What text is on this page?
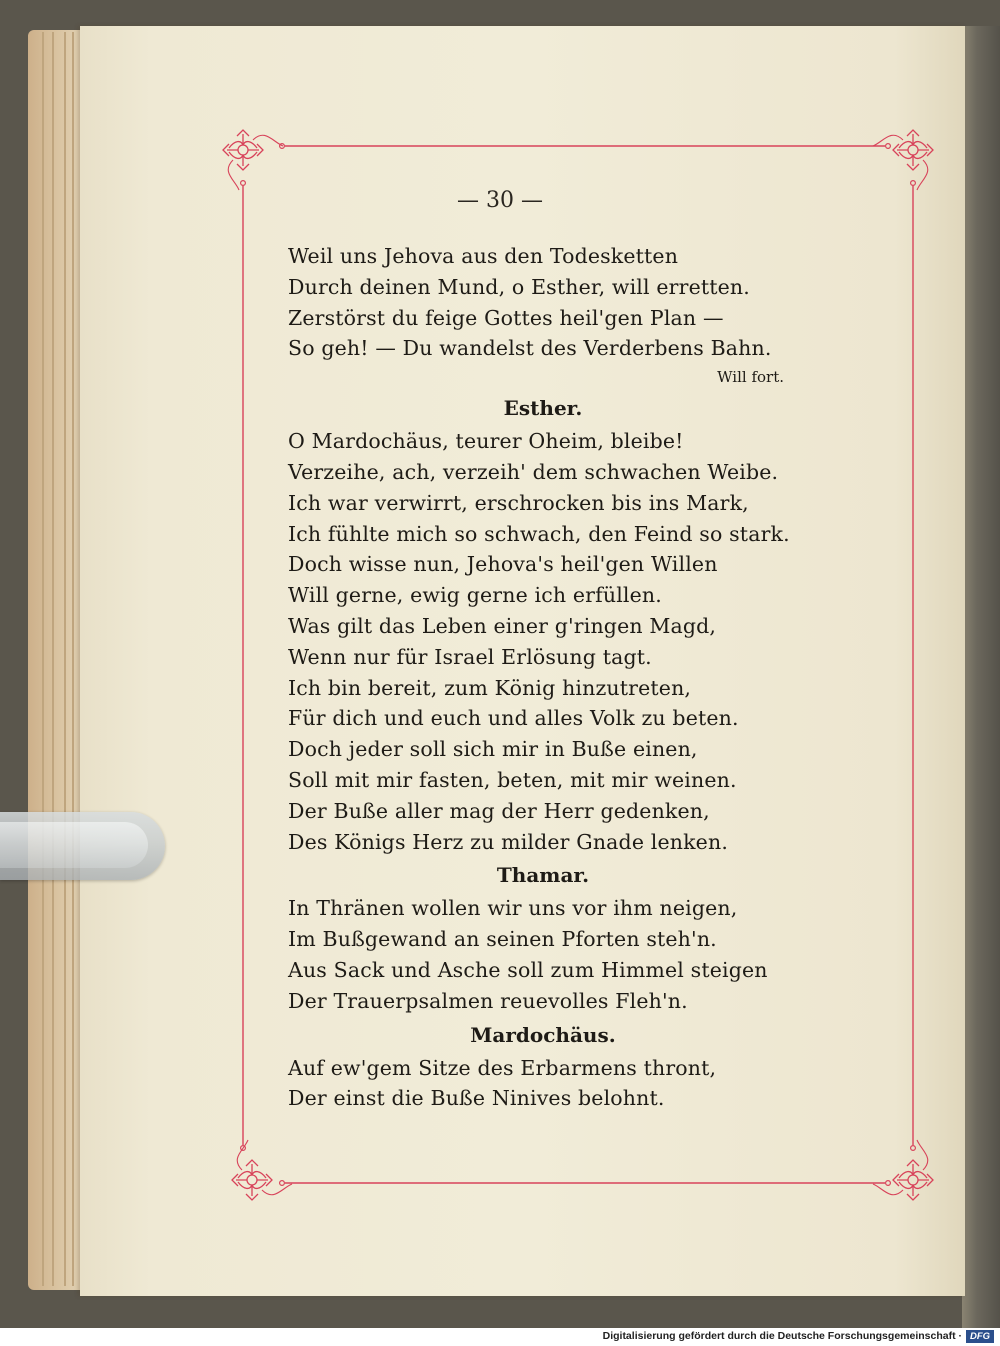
— 30 —
Weil uns Jehova aus den Todesketten
Durch deinen Mund, o Esther, will erretten.
Zerstörst du feige Gottes heil'gen Plan —
So geh! — Du wandelst des Verderbens Bahn.
Will fort.
Esther.
O Mardochäus, teurer Oheim, bleibe!
Verzeihe, ach, verzeih' dem schwachen Weibe.
Ich war verwirrt, erschrocken bis ins Mark,
Ich fühlte mich so schwach, den Feind so stark.
Doch wisse nun, Jehova's heil'gen Willen
Will gerne, ewig gerne ich erfüllen.
Was gilt das Leben einer g'ringen Magd,
Wenn nur für Israel Erlösung tagt.
Ich bin bereit, zum König hinzutreten,
Für dich und euch und alles Volk zu beten.
Doch jeder soll sich mir in Buße einen,
Soll mit mir fasten, beten, mit mir weinen.
Der Buße aller mag der Herr gedenken,
Des Königs Herz zu milder Gnade lenken.
Thamar.
In Thränen wollen wir uns vor ihm neigen,
Im Bußgewand an seinen Pforten steh'n.
Aus Sack und Asche soll zum Himmel steigen
Der Trauerpsalmen reuevolles Fleh'n.
Mardochäus.
Auf ew'gem Sitze des Erbarmens thront,
Der einst die Buße Ninives belohnt.
Digitalisierung gefördert durch die Deutsche Forschungsgemeinschaft · DFG
